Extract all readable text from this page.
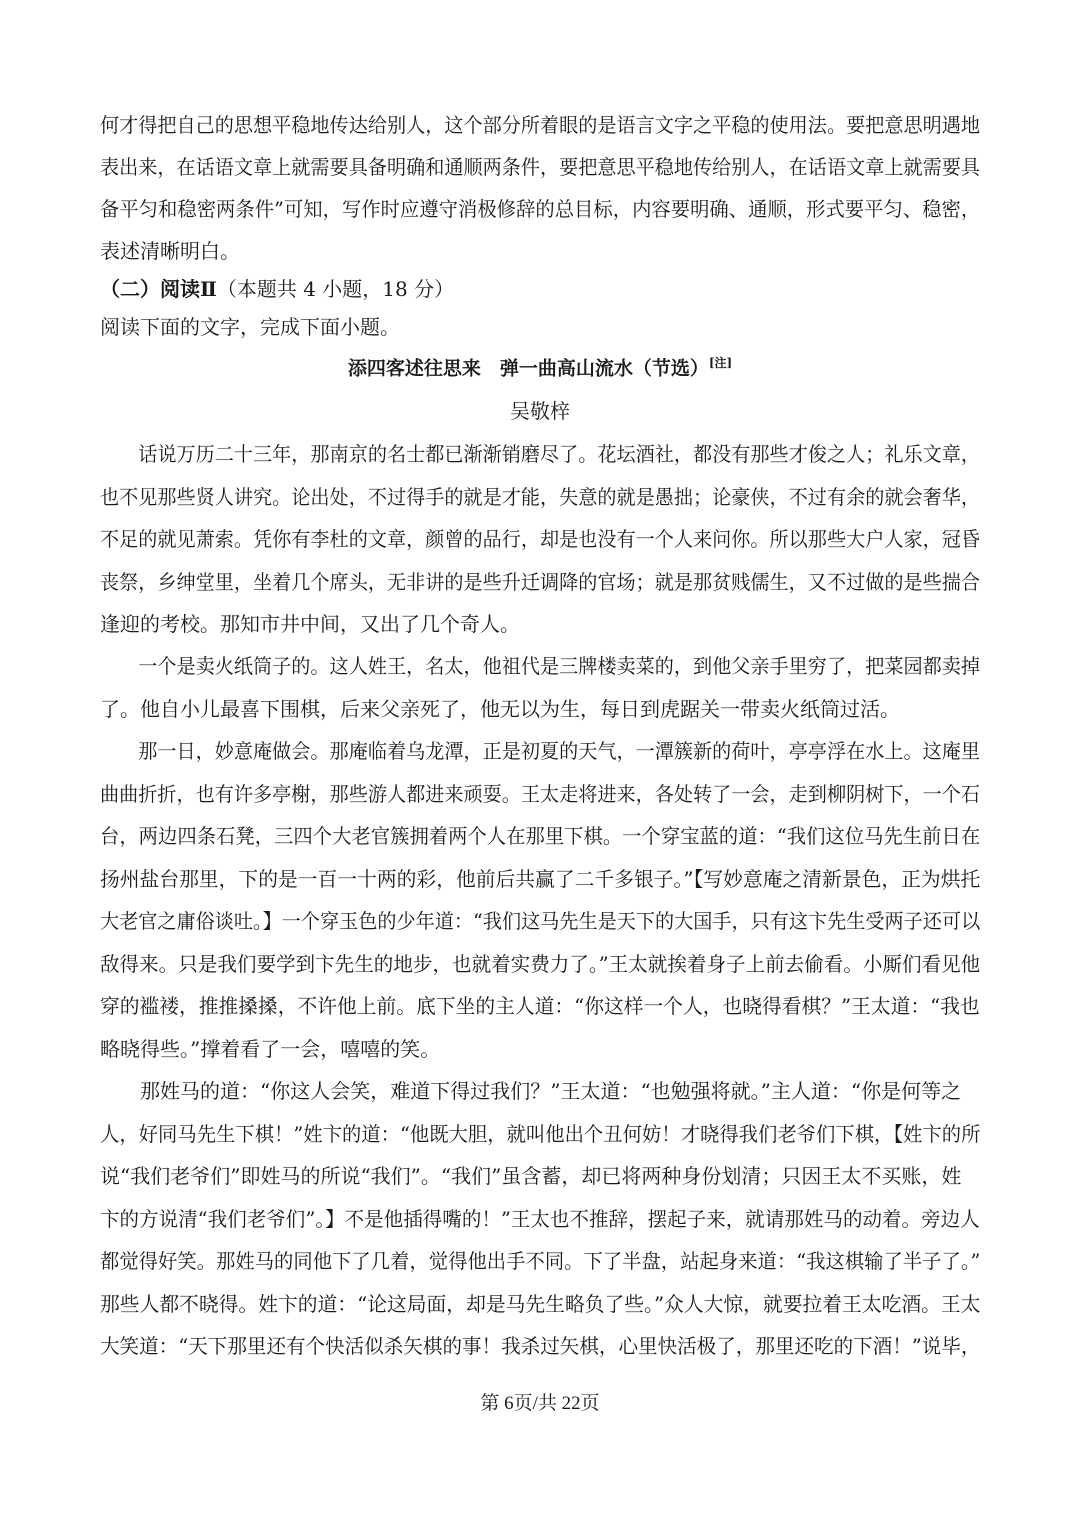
何才得把自己的思想平稳地传达给别人，这个部分所着眼的是语言文字之平稳的使用法。要把意思明遇地
表出来，在话语文章上就需要具备明确和通顺两条件，要把意思平稳地传给别人，在话语文章上就需要具
备平匀和稳密两条件”可知，写作时应遵守消极修辞的总目标，内容要明确、通顺，形式要平匀、稳密，
表述清晰明白。
（二）阅读Ⅱ（本题共 4 小题，18 分）
阅读下面的文字，完成下面小题。
添四客述往思来　弹一曲高山流水（节选）[注]
吴敬梓
　　话说万历二十三年，那南京的名士都已渐渐销磨尽了。花坛酒社，都没有那些才俊之人；礼乐文章，
也不见那些贤人讲究。论出处，不过得手的就是才能，失意的就是愚拙；论豪侠，不过有余的就会奢华，
不足的就见萧索。凭你有李杜的文章，颜曾的品行，却是也没有一个人来问你。所以那些大户人家，冠昏
丧祭，乡绅堂里，坐着几个席头，无非讲的是些升迁调降的官场；就是那贫贱儒生，又不过做的是些揣合
逢迎的考校。那知市井中间，又出了几个奇人。
　　一个是卖火纸筒子的。这人姓王，名太，他祖代是三牌楼卖菜的，到他父亲手里穷了，把菜园都卖掉
了。他自小儿最喜下围棋，后来父亲死了，他无以为生，每日到虎踞关一带卖火纸筒过活。
　　那一日，妙意庵做会。那庵临着乌龙潭，正是初夏的天气，一潭簇新的荷叶，亭亭浮在水上。这庵里
曲曲折折，也有许多亭榭，那些游人都进来顽耍。王太走将进来，各处转了一会，走到柳阴树下，一个石
台，两边四条石凳，三四个大老官簇拥着两个人在那里下棋。一个穿宝蓝的道：“我们这位马先生前日在
扬州盐台那里，下的是一百一十两的彩，他前后共赢了二千多银子。”【写妙意庵之清新景色，正为烘托
大老官之庸俗谈吐。】一个穿玉色的少年道：“我们这马先生是天下的大国手，只有这卞先生受两子还可以
敌得来。只是我们要学到卞先生的地步，也就着实费力了。”王太就挨着身子上前去偷看。小厮们看见他
穿的褴褛，推推搡搡，不许他上前。底下坐的主人道：“你这样一个人，也晓得看棋？”王太道：“我也
略晓得些。”撑着看了一会，嘻嘻的笑。
　　那姓马的道：“你这人会笑，难道下得过我们？”王太道：“也勉强将就。”主人道：“你是何等之
人，好同马先生下棋！”姓卞的道：“他既大胆，就叫他出个丑何妨！才晓得我们老爷们下棋，【姓卞的所
说“我们老爷们”即姓马的所说“我们”。“我们”虽含蓄，却已将两种身份划清；只因王太不买账，姓
卞的方说清“我们老爷们”。】不是他插得嘴的！”王太也不推辞，摆起子来，就请那姓马的动着。旁边人
都觉得好笑。那姓马的同他下了几着，觉得他出手不同。下了半盘，站起身来道：“我这棋输了半子了。”
那些人都不晓得。姓卞的道：“论这局面，却是马先生略负了些。”众人大惊，就要拉着王太吃酒。王太
大笑道：“天下那里还有个快活似杀矢棋的事！我杀过矢棋，心里快活极了，那里还吃的下酒！”说毕，
第 6页/共 22页
